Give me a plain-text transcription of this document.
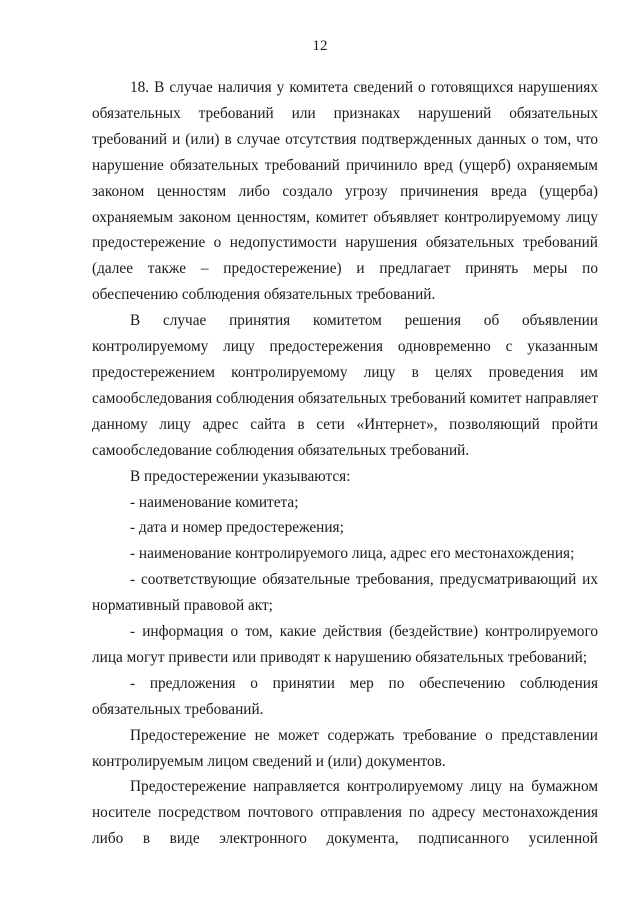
12

18. В случае наличия у комитета сведений о готовящихся нарушениях обязательных требований или признаках нарушений обязательных требований и (или) в случае отсутствия подтвержденных данных о том, что нарушение обязательных требований причинило вред (ущерб) охраняемым законом ценностям либо создало угрозу причинения вреда (ущерба) охраняемым законом ценностям, комитет объявляет контролируемому лицу предостережение о недопустимости нарушения обязательных требований (далее также – предостережение) и предлагает принять меры по обеспечению соблюдения обязательных требований.

В случае принятия комитетом решения об объявлении контролируемому лицу предостережения одновременно с указанным предостережением контролируемому лицу в целях проведения им самообследования соблюдения обязательных требований комитет направляет данному лицу адрес сайта в сети «Интернет», позволяющий пройти самообследование соблюдения обязательных требований.

В предостережении указываются:

- наименование комитета;

- дата и номер предостережения;

- наименование контролируемого лица, адрес его местонахождения;

- соответствующие обязательные требования, предусматривающий их нормативный правовой акт;

- информация о том, какие действия (бездействие) контролируемого лица могут привести или приводят к нарушению обязательных требований;

- предложения о принятии мер по обеспечению соблюдения обязательных требований.

Предостережение не может содержать требование о представлении контролируемым лицом сведений и (или) документов.

Предостережение направляется контролируемому лицу на бумажном носителе посредством почтового отправления по адресу местонахождения либо в виде электронного документа, подписанного усиленной
